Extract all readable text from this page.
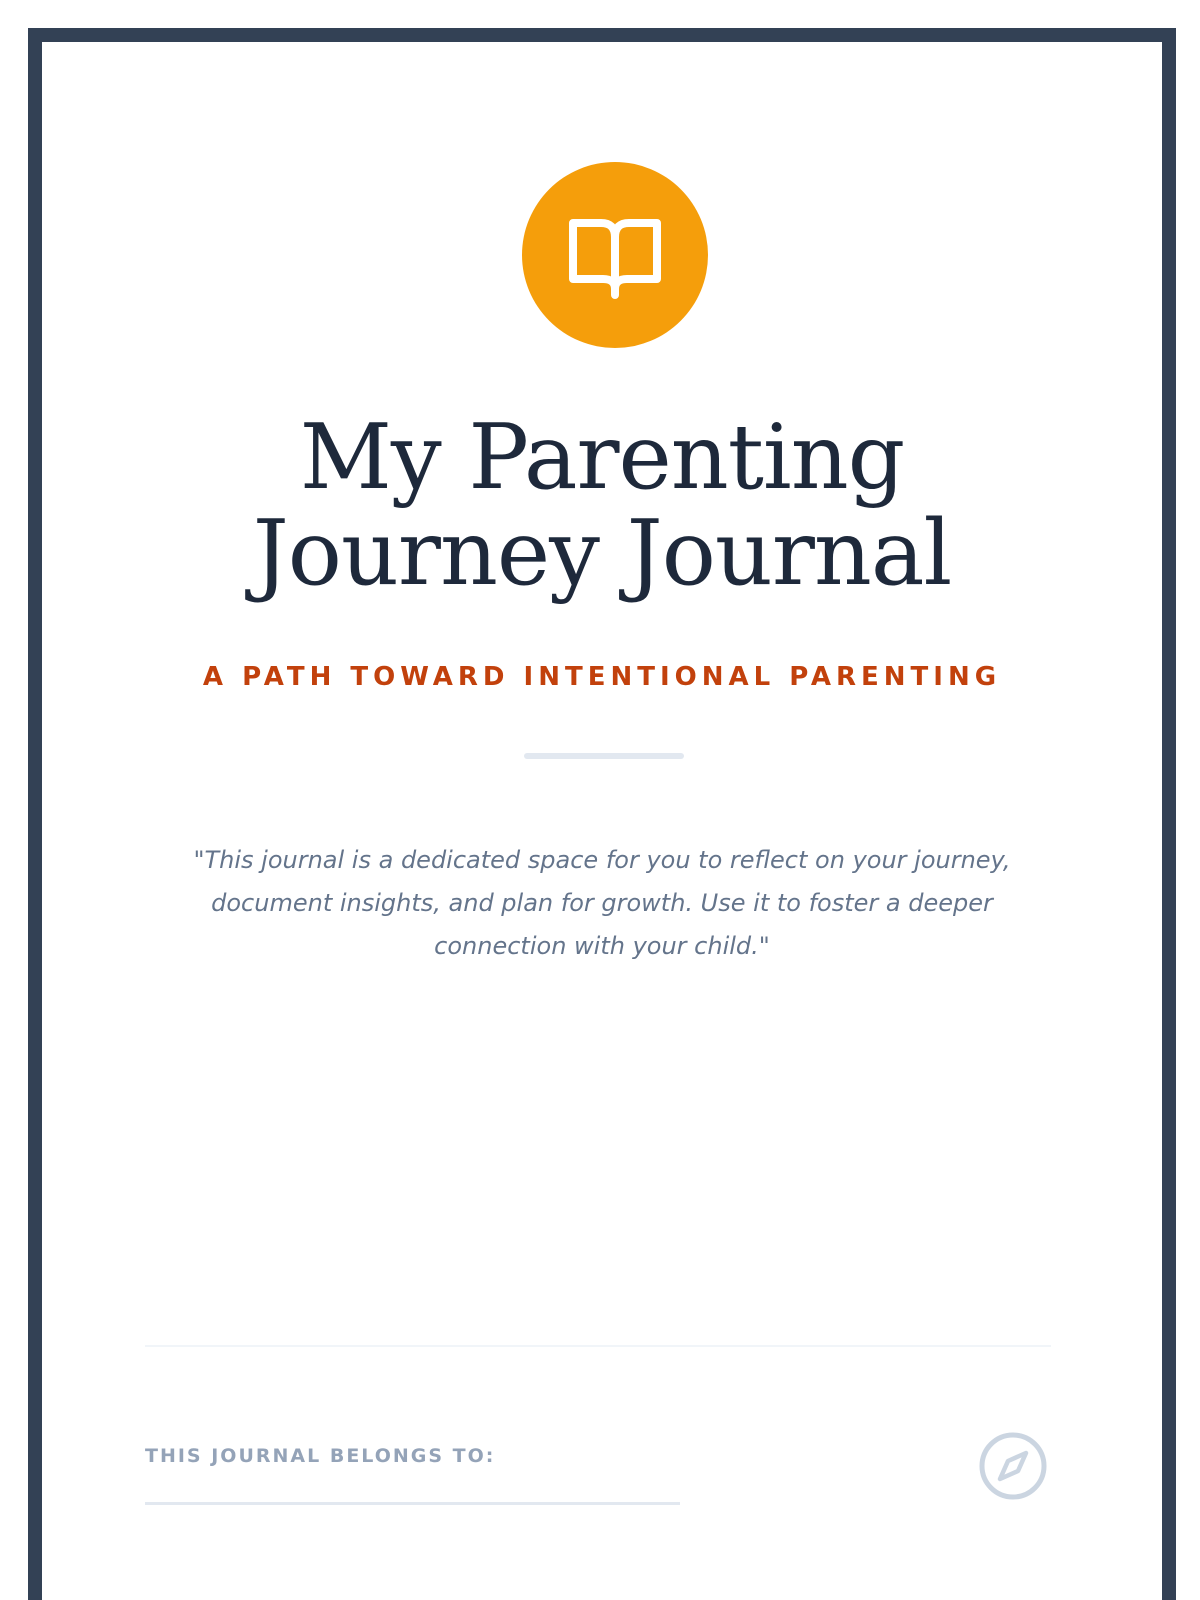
My Parenting
Journey Journal

A PATH TOWARD INTENTIONAL PARENTING

"This journal is a dedicated space for you to reflect on your journey, document insights, and plan for growth. Use it to foster a deeper connection with your child."

THIS JOURNAL BELONGS TO:
